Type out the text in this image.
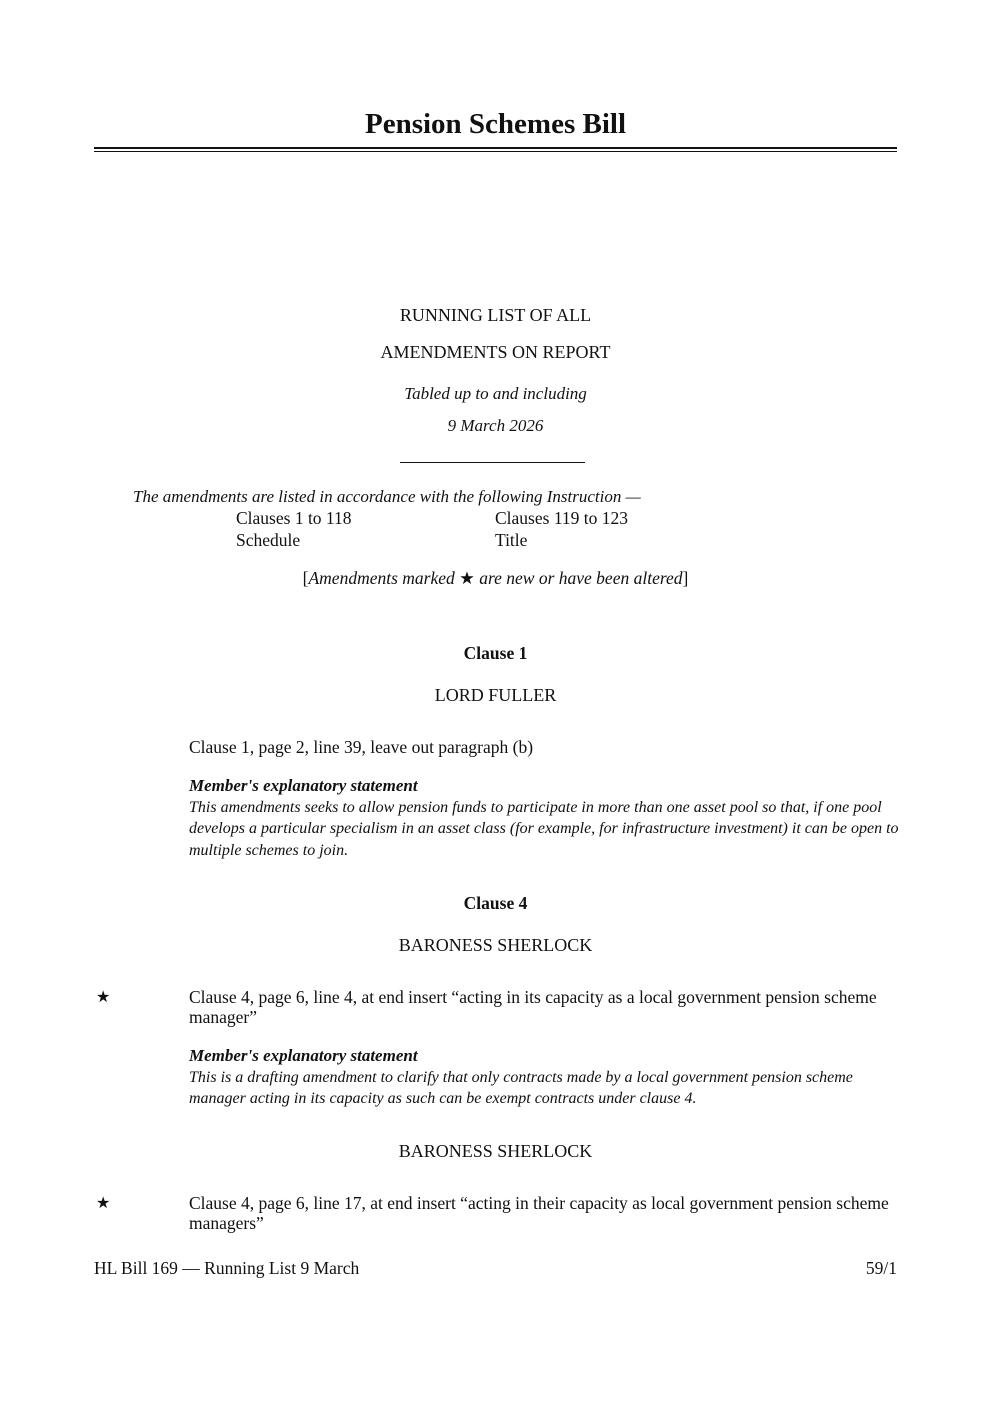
Pension Schemes Bill
RUNNING LIST OF ALL
AMENDMENTS ON REPORT
Tabled up to and including
9 March 2026
The amendments are listed in accordance with the following Instruction —
Clauses 1 to 118	Clauses 119 to 123
Schedule	Title
[Amendments marked ★ are new or have been altered]
Clause 1
LORD FULLER
Clause 1, page 2, line 39, leave out paragraph (b)
Member's explanatory statement
This amendments seeks to allow pension funds to participate in more than one asset pool so that, if one pool develops a particular specialism in an asset class (for example, for infrastructure investment) it can be open to multiple schemes to join.
Clause 4
BARONESS SHERLOCK
★	Clause 4, page 6, line 4, at end insert “acting in its capacity as a local government pension scheme manager”
Member's explanatory statement
This is a drafting amendment to clarify that only contracts made by a local government pension scheme manager acting in its capacity as such can be exempt contracts under clause 4.
BARONESS SHERLOCK
★	Clause 4, page 6, line 17, at end insert “acting in their capacity as local government pension scheme managers”
HL Bill 169 — Running List 9 March	59/1
